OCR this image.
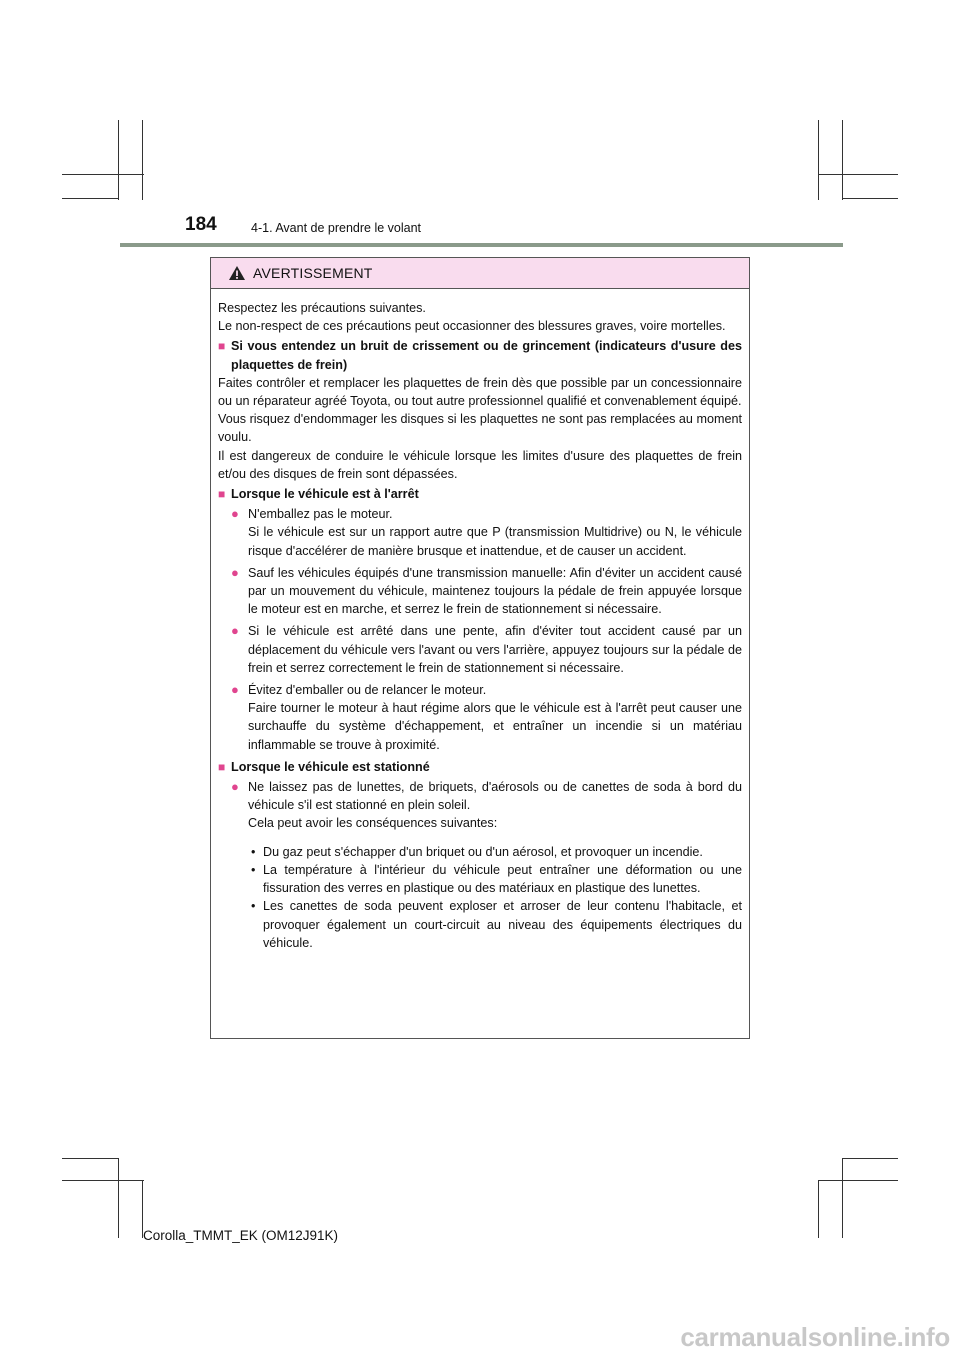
184	4-1. Avant de prendre le volant
AVERTISSEMENT

Respectez les précautions suivantes.

Le non-respect de ces précautions peut occasionner des blessures graves, voire mortelles.

■ Si vous entendez un bruit de crissement ou de grincement (indicateurs d'usure des plaquettes de frein)

Faites contrôler et remplacer les plaquettes de frein dès que possible par un concessionnaire ou un réparateur agréé Toyota, ou tout autre professionnel qualifié et convenablement équipé.

Vous risquez d'endommager les disques si les plaquettes ne sont pas remplacées au moment voulu.

Il est dangereux de conduire le véhicule lorsque les limites d'usure des plaquettes de frein et/ou des disques de frein sont dépassées.

■ Lorsque le véhicule est à l'arrêt
● N'emballez pas le moteur.

Si le véhicule est sur un rapport autre que P (transmission Multidrive) ou N, le véhicule risque d'accélérer de manière brusque et inattendue, et de causer un accident.

● Sauf les véhicules équipés d'une transmission manuelle: Afin d'éviter un accident causé par un mouvement du véhicule, maintenez toujours la pédale de frein appuyée lorsque le moteur est en marche, et serrez le frein de stationnement si nécessaire.

● Si le véhicule est arrêté dans une pente, afin d'éviter tout accident causé par un déplacement du véhicule vers l'avant ou vers l'arrière, appuyez toujours sur la pédale de frein et serrez correctement le frein de stationnement si nécessaire.

● Évitez d'emballer ou de relancer le moteur.

Faire tourner le moteur à haut régime alors que le véhicule est à l'arrêt peut causer une surchauffe du système d'échappement, et entraîner un incendie si un matériau inflammable se trouve à proximité.

■ Lorsque le véhicule est stationné
● Ne laissez pas de lunettes, de briquets, d'aérosols ou de canettes de soda à bord du véhicule s'il est stationné en plein soleil.

Cela peut avoir les conséquences suivantes:

• Du gaz peut s'échapper d'un briquet ou d'un aérosol, et provoquer un incendie.
• La température à l'intérieur du véhicule peut entraîner une déformation ou une fissuration des verres en plastique ou des matériaux en plastique des lunettes.
• Les canettes de soda peuvent exploser et arroser de leur contenu l'habitacle, et provoquer également un court-circuit au niveau des équipements électriques du véhicule.
Corolla_TMMT_EK (OM12J91K)
carmanualsonline.info
